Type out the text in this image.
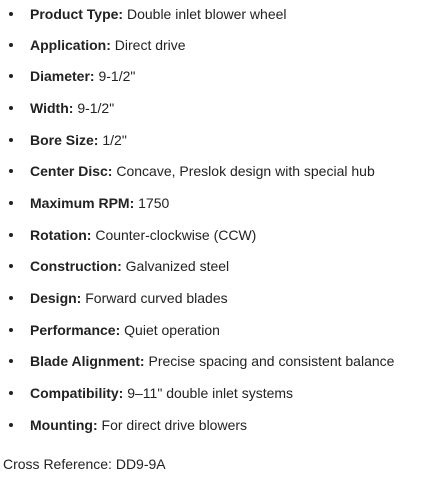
Product Type: Double inlet blower wheel
Application: Direct drive
Diameter: 9-1/2"
Width: 9-1/2"
Bore Size: 1/2"
Center Disc: Concave, Preslok design with special hub
Maximum RPM: 1750
Rotation: Counter-clockwise (CCW)
Construction: Galvanized steel
Design: Forward curved blades
Performance: Quiet operation
Blade Alignment: Precise spacing and consistent balance
Compatibility: 9–11" double inlet systems
Mounting: For direct drive blowers
Cross Reference: DD9-9A
